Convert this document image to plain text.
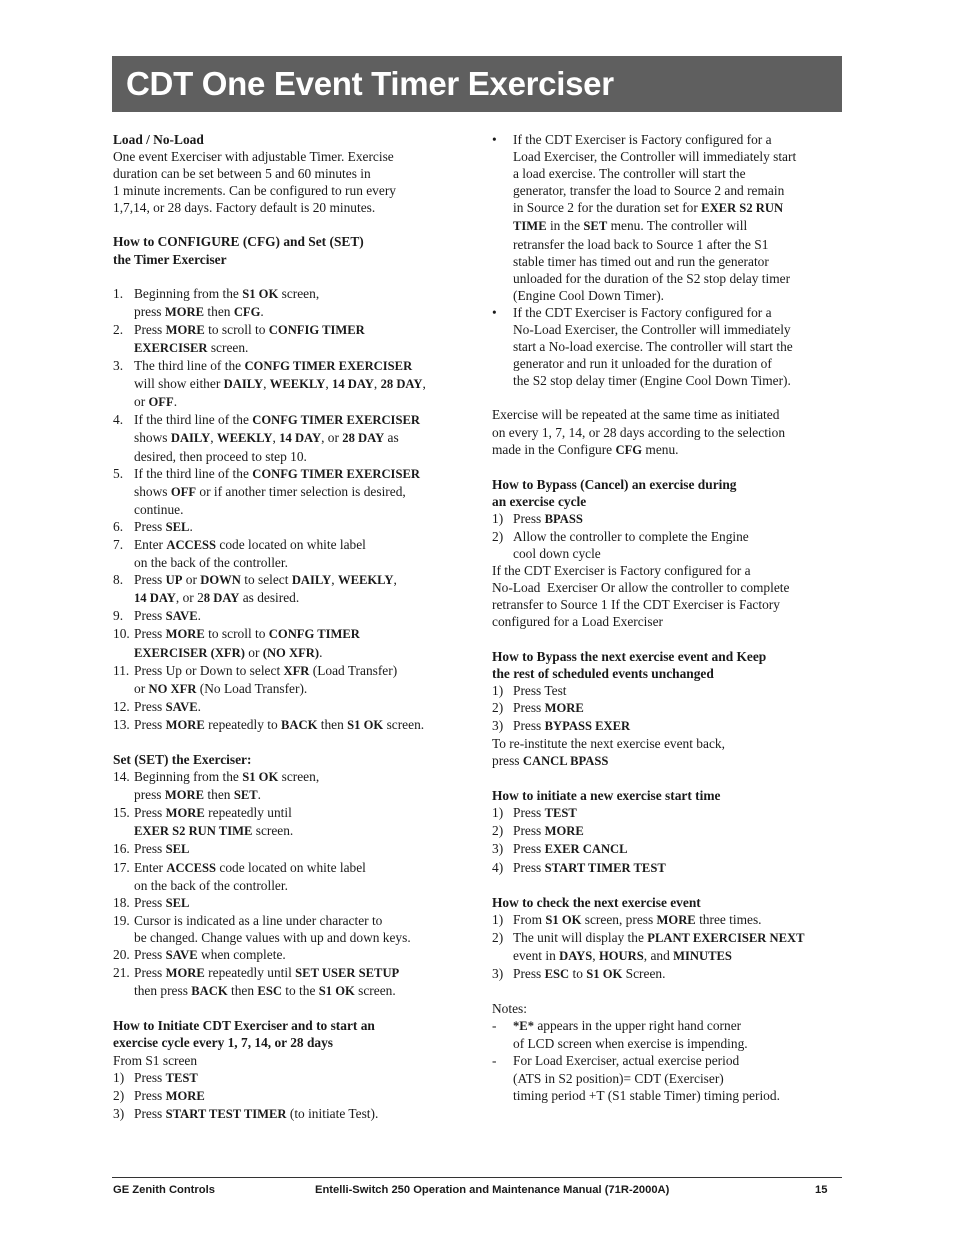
CDT One Event Timer Exerciser
Load / No-Load
One event Exerciser with adjustable Timer. Exercise
duration can be set between 5 and 60 minutes in
1 minute increments. Can be configured to run every
1,7,14, or 28 days. Factory default is 20 minutes.
How to CONFIGURE (CFG) and Set (SET)
the Timer Exerciser
1. Beginning from the S1 OK screen,
press MORE then CFG.
2. Press MORE to scroll to CONFIG TIMER
EXERCISER screen.
3. The third line of the CONFG TIMER EXERCISER
will show either DAILY, WEEKLY, 14 DAY, 28 DAY,
or OFF.
4. If the third line of the CONFG TIMER EXERCISER
shows DAILY, WEEKLY, 14 DAY, or 28 DAY as
desired, then proceed to step 10.
5. If the third line of the CONFG TIMER EXERCISER
shows OFF or if another timer selection is desired,
continue.
6. Press SEL.
7. Enter ACCESS code located on white label
on the back of the controller.
8. Press UP or DOWN to select DAILY, WEEKLY,
14 DAY, or 28 DAY as desired.
9. Press SAVE.
10. Press MORE to scroll to CONFG TIMER
EXERCISER (XFR) or (NO XFR).
11. Press Up or Down to select XFR (Load Transfer)
or NO XFR (No Load Transfer).
12. Press SAVE.
13. Press MORE repeatedly to BACK then S1 OK screen.
Set (SET) the Exerciser:
14. Beginning from the S1 OK screen,
press MORE then SET.
15. Press MORE repeatedly until
EXER S2 RUN TIME screen.
16. Press SEL
17. Enter ACCESS code located on white label
on the back of the controller.
18. Press SEL
19. Cursor is indicated as a line under character to
be changed. Change values with up and down keys.
20. Press SAVE when complete.
21. Press MORE repeatedly until SET USER SETUP
then press BACK then ESC to the S1 OK screen.
How to Initiate CDT Exerciser and to start an
exercise cycle every 1, 7, 14, or 28 days
From S1 screen
1) Press TEST
2) Press MORE
3) Press START TEST TIMER (to initiate Test).
• If the CDT Exerciser is Factory configured for a
Load Exerciser, the Controller will immediately start
a load exercise. The controller will start the
generator, transfer the load to Source 2 and remain
in Source 2 for the duration set for EXER S2 RUN
TIME in the SET menu. The controller will
retransfer the load back to Source 1 after the S1
stable timer has timed out and run the generator
unloaded for the duration of the S2 stop delay timer
(Engine Cool Down Timer).
• If the CDT Exerciser is Factory configured for a
No-Load Exerciser, the Controller will immediately
start a No-load exercise. The controller will start the
generator and run it unloaded for the duration of
the S2 stop delay timer (Engine Cool Down Timer).
Exercise will be repeated at the same time as initiated
on every 1, 7, 14, or 28 days according to the selection
made in the Configure CFG menu.
How to Bypass (Cancel) an exercise during
an exercise cycle
1) Press BPASS
2) Allow the controller to complete the Engine
cool down cycle
If the CDT Exerciser is Factory configured for a
No-Load  Exerciser Or allow the controller to complete
retransfer to Source 1 If the CDT Exerciser is Factory
configured for a Load Exerciser
How to Bypass the next exercise event and Keep
the rest of scheduled events unchanged
1) Press Test
2) Press MORE
3) Press BYPASS EXER
To re-institute the next exercise event back,
press CANCL BPASS
How to initiate a new exercise start time
1) Press TEST
2) Press MORE
3) Press EXER CANCL
4) Press START TIMER TEST
How to check the next exercise event
1) From S1 OK screen, press MORE three times.
2) The unit will display the PLANT EXERCISER NEXT
event in DAYS, HOURS, and MINUTES
3) Press ESC to S1 OK Screen.
Notes:
- *E* appears in the upper right hand corner
of LCD screen when exercise is impending.
- For Load Exerciser, actual exercise period
(ATS in S2 position)= CDT (Exerciser)
timing period +T (S1 stable Timer) timing period.
GE Zenith Controls	Entelli-Switch 250 Operation and Maintenance Manual (71R-2000A)	15
